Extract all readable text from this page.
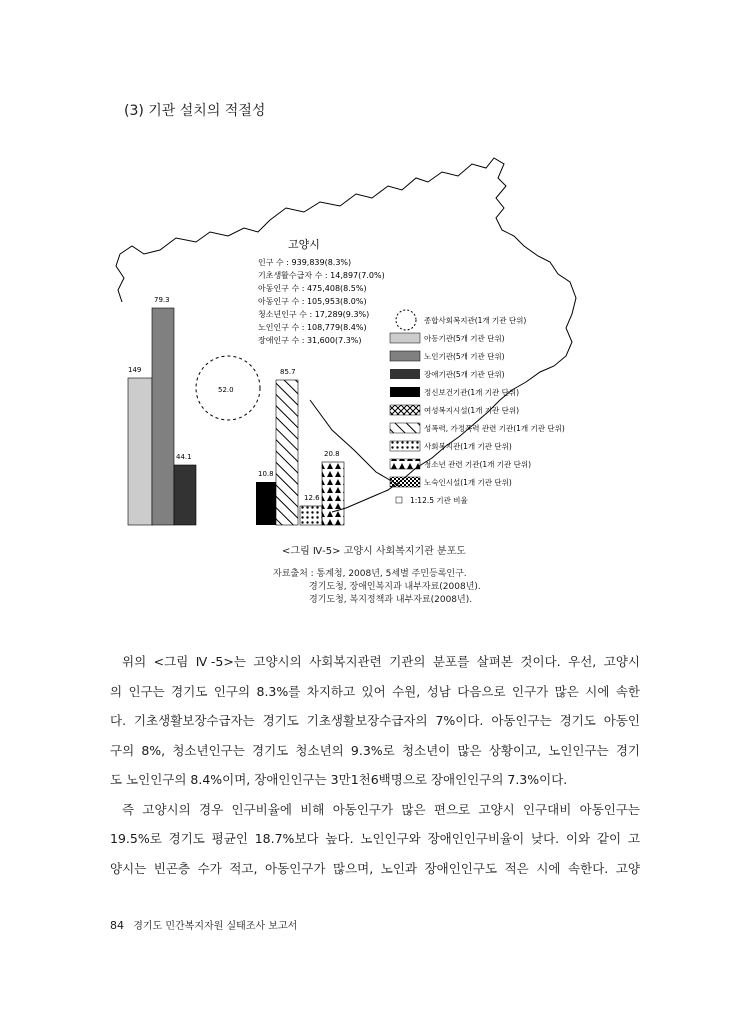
(3) 기관 설치의 적절성
고양시
인구 수 : 939,839(8.3%)
기초생활수급자 수 : 14,897(7.0%)
아동인구 수 : 475,408(8.5%)
아동인구 수 : 105,953(8.0%)
청소년인구 수 : 17,289(9.3%)
노인인구 수 : 108,779(8.4%)
장애인구 수 : 31,600(7.3%)
149
79.3
44.1
52.0
10.8
85.7
12.6
20.8
종합사회복지관(1개 기관 단위)
아동기관(5개 기관 단위)
노인기관(5개 기관 단위)
장애기관(5개 기관 단위)
정신보건기관(1개 기관 단위)
여성복지시설(1개 기관 단위)
성폭력, 가정폭력 관련 기관(1개 기관 단위)
사회복지관(1개 기관 단위)
청소년 관련 기관(1개 기관 단위)
노숙인시설(1개 기관 단위)
1:12.5 기관 비율
<그림 Ⅳ-5> 고양시 사회복지기관 분포도
자료출처 : 통계청, 2008년, 5세별 주민등록인구.
경기도청, 장애인복지과 내부자료(2008년).
경기도청, 복지정책과 내부자료(2008년).

위의 <그림 Ⅳ-5>는 고양시의 사회복지관련 기관의 분포를 살펴본 것이다. 우선, 고양시

의 인구는 경기도 인구의 8.3%를 차지하고 있어 수원, 성남 다음으로 인구가 많은 시에 속한

다. 기초생활보장수급자는 경기도 기초생활보장수급자의 7%이다. 아동인구는 경기도 아동인

구의 8%, 청소년인구는 경기도 청소년의 9.3%로 청소년이 많은 상황이고, 노인인구는 경기

도 노인인구의 8.4%이며, 장애인인구는 3만1천6백명으로 장애인인구의 7.3%이다.

즉 고양시의 경우 인구비율에 비해 아동인구가 많은 편으로 고양시 인구대비 아동인구는

19.5%로 경기도 평균인 18.7%보다 높다. 노인인구와 장애인인구비율이 낮다. 이와 같이 고

양시는 빈곤층 수가 적고, 아동인구가 많으며, 노인과 장애인인구도 적은 시에 속한다. 고양

84 경기도 민간복지자원 실태조사 보고서
